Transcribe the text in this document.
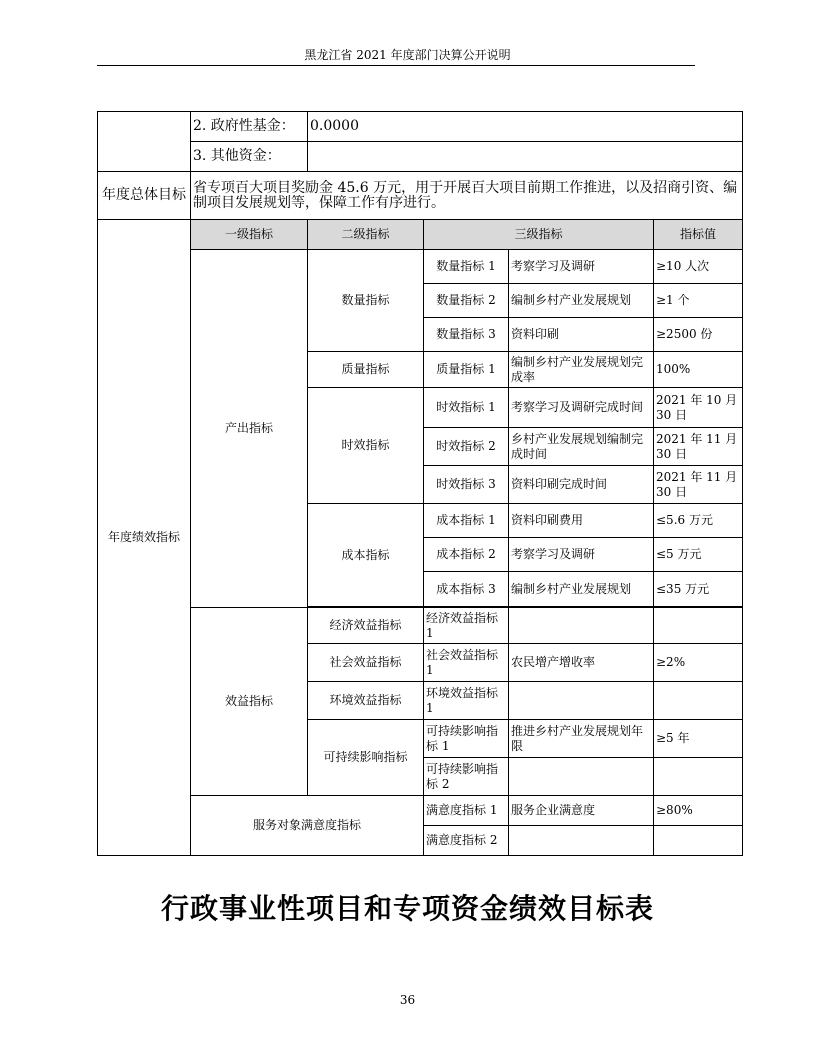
黑龙江省 2021 年度部门决算公开说明
	2. 政府性基金：	0.0000			
	3. 其他资金：				
年度总体目标	省专项百大项目奖励金 45.6 万元，用于开展百大项目前期工作推进，以及招商引资、编制项目发展规划等，保障工作有序进行。				
年度绩效指标	一级指标	二级指标	三级指标		指标值
	产出指标	数量指标	数量指标 1	考察学习及调研	≥10 人次
			数量指标 2	编制乡村产业发展规划	≥1 个
			数量指标 3	资料印刷	≥2500 份
		质量指标	质量指标 1	编制乡村产业发展规划完成率	100%
		时效指标	时效指标 1	考察学习及调研完成时间	2021 年 10 月 30 日
			时效指标 2	乡村产业发展规划编制完成时间	2021 年 11 月 30 日
			时效指标 3	资料印刷完成时间	2021 年 11 月 30 日
		成本指标	成本指标 1	资料印刷费用	≤5.6 万元
			成本指标 2	考察学习及调研	≤5 万元
			成本指标 3	编制乡村产业发展规划	≤35 万元

	效益指标	经济效益指标	经济效益指标 1		
		社会效益指标	社会效益指标 1	农民增产增收率	≥2%
		环境效益指标	环境效益指标 1		
		可持续影响指标	可持续影响指标 1	推进乡村产业发展规划年限	≥5 年
			可持续影响指标 2		
	服务对象满意度指标		满意度指标 1	服务企业满意度	≥80%
			满意度指标 2		
行政事业性项目和专项资金绩效目标表
36
